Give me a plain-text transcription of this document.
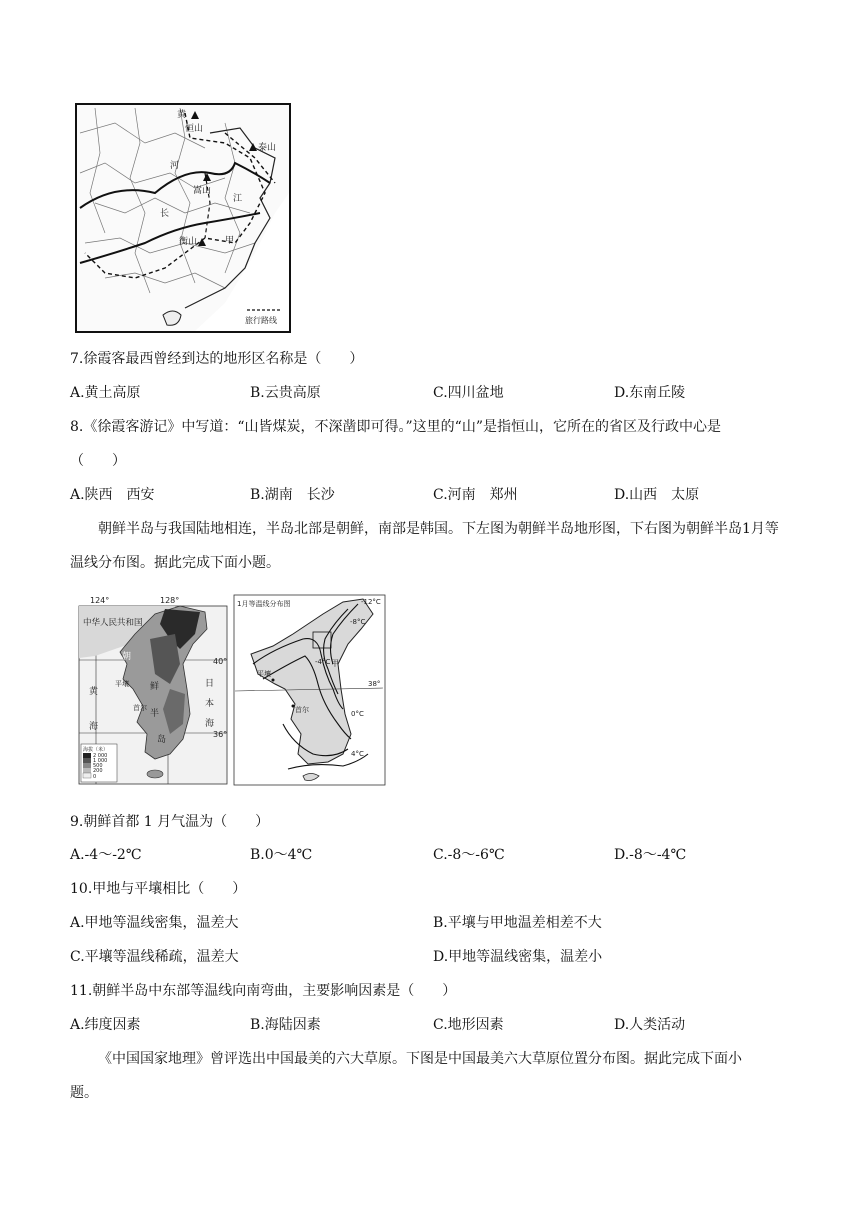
黄
恒山
泰山
嵩山
河
江
长
衡山	甲
旅行路线
7.徐霞客最西曾经到达的地形区名称是（　　）
A.黄土高原	B.云贵高原	C.四川盆地	D.东南丘陵
8.《徐霞客游记》中写道：“山皆煤炭，不深凿即可得。”这里的“山”是指恒山，它所在的省区及行政中心是
（　　）
A.陕西　西安	B.湖南　长沙	C.河南　郑州	D.山西　太原
朝鲜半岛与我国陆地相连，半岛北部是朝鲜，南部是韩国。下左图为朝鲜半岛地形图，下右图为朝鲜半岛1月等温线分布图。据此完成下面小题。
124°	128°
40°
36°
中华人民共和国
朝
鲜
半
岛
平壤
首尔
黄
海
日
本
海
海拔（米）
2 000
1 000
500
200
0
1月等温线分布图	-12°C
-8°C
-4°C
0°C
4°C
甲
平壤
首尔
38°
9.朝鲜首都 1 月气温为（　　）
A.-4～-2℃	B.0～4℃	C.-8～-6℃	D.-8～-4℃
10.甲地与平壤相比（　　）
A.甲地等温线密集，温差大	B.平壤与甲地温差相差不大
C.平壤等温线稀疏，温差大	D.甲地等温线密集，温差小
11.朝鲜半岛中东部等温线向南弯曲，主要影响因素是（　　）
A.纬度因素	B.海陆因素	C.地形因素	D.人类活动
《中国国家地理》曾评选出中国最美的六大草原。下图是中国最美六大草原位置分布图。据此完成下面小
题。
